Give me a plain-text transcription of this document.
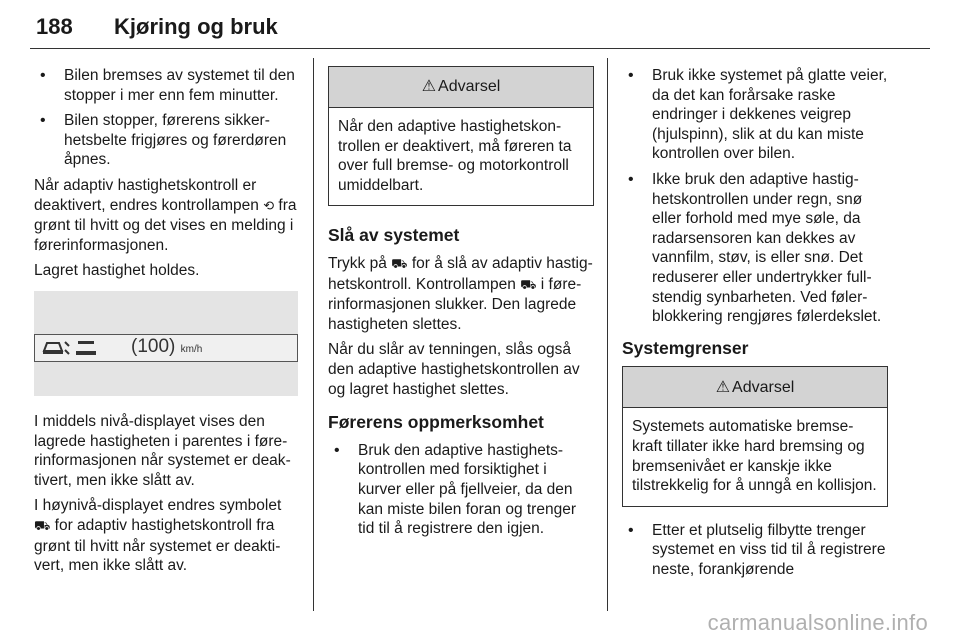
188 Kjøring og bruk
• Bilen bremses av systemet til den stopper i mer enn fem minutter.
• Bilen stopper, førerens sikkerhetsbelte frigjøres og førerdøren åpnes.

Når adaptiv hastighetskontroll er deaktivert, endres kontrollampen ⟲ fra grønt til hvitt og det vises en melding i førerinformasjonen.

Lagret hastighet holdes.

(100) km/h

I middels nivå-displayet vises den lagrede hastigheten i parentes i førerinformasjonen når systemet er deaktivert, men ikke slått av.

I høynivå-displayet endres symbolet ⛟ for adaptiv hastighetskontroll fra grønt til hvitt når systemet er deaktivert, men ikke slått av.

⚠ Advarsel
Når den adaptive hastighetskontrollen er deaktivert, må føreren ta over full bremse- og motorkontroll umiddelbart.
Slå av systemet

Trykk på ⛟ for å slå av adaptiv hastighetskontroll. Kontrollampen ⛟ i førerinformasjonen slukker. Den lagrede hastigheten slettes.

Når du slår av tenningen, slås også den adaptive hastighetskontrollen av og lagret hastighet slettes.

Førerens oppmerksomhet
• Bruk den adaptive hastighetskontrollen med forsiktighet i kurver eller på fjellveier, da den kan miste bilen foran og trenger tid til å registrere den igjen.
• Bruk ikke systemet på glatte veier, da det kan forårsake raske endringer i dekkenes veigrep (hjulspinn), slik at du kan miste kontrollen over bilen.
• Ikke bruk den adaptive hastighetskontrollen under regn, snø eller forhold med mye søle, da radarsensoren kan dekkes av vannfilm, støv, is eller snø. Det reduserer eller undertrykker fullstendig synbarheten. Ved følerblokkering rengjøres følerdekslet.
Systemgrenser
⚠ Advarsel
Systemets automatiske bremsekraft tillater ikke hard bremsing og bremsenivået er kanskje ikke tilstrekkelig for å unngå en kollisjon.
• Etter et plutselig filbytte trenger systemet en viss tid til å registrere neste, forankjørende
carmanualsonline.info
